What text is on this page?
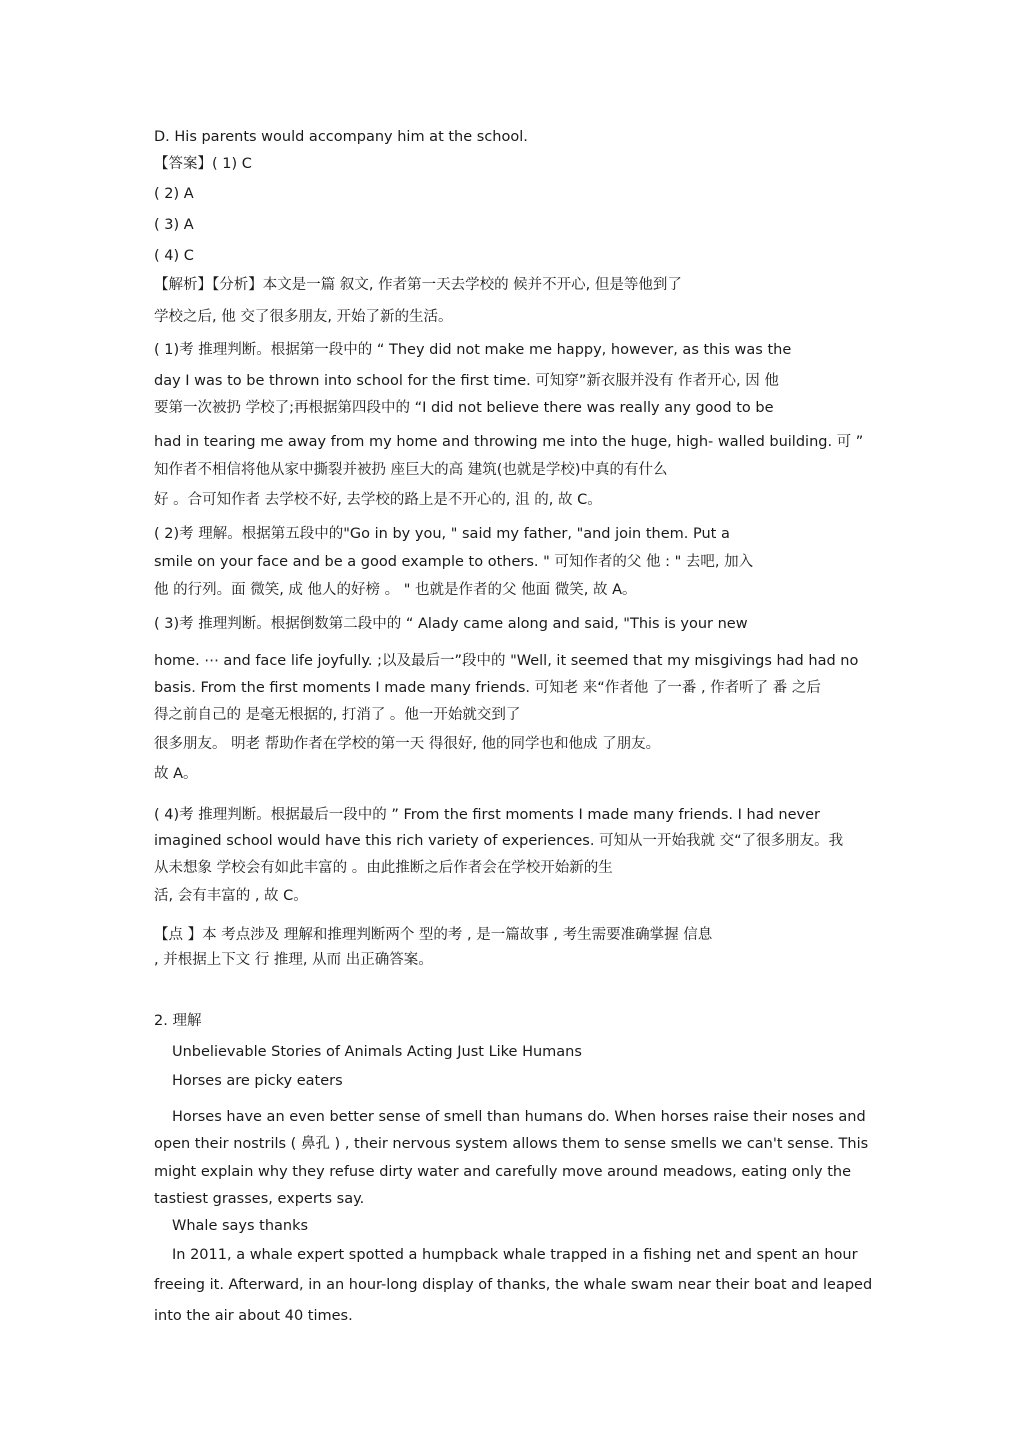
D. His parents would accompany him at the school.
【答案】( 1) C
( 2) A
( 3) A
( 4) C
【解析】【分析】本文是一篇 叙文, 作者第一天去学校的 候并不开心, 但是等他到了
学校之后, 他 交了很多朋友, 开始了新的生活。
( 1)考 推理判断。根据第一段中的 “ They did not make me happy, however, as this was the
day I was to be thrown into school for the first time. 可知穿”新衣服并没有 作者开心, 因 他
要第一次被扔 学校了;再根据第四段中的 “I did not believe there was really any good to be
had in tearing me away from my home and throwing me into the huge, high- walled building. 可 ”
知作者不相信将他从家中撕裂并被扔 座巨大的高 建筑(也就是学校)中真的有什么
好 。合可知作者 去学校不好, 去学校的路上是不开心的, 沮 的, 故 C。
( 2)考 理解。根据第五段中的"Go in by you, " said my father, "and join them. Put a
smile on your face and be a good example to others. " 可知作者的父 他 : " 去吧, 加入
他 的行列。面 微笑, 成 他人的好榜 。 " 也就是作者的父 他面 微笑, 故 A。
( 3)考 推理判断。根据倒数第二段中的 “ Alady came along and said, "This is your new
home. ⋯ and face life joyfully. ;以及最后一”段中的 "Well, it seemed that my misgivings had had no
basis. From the first moments I made many friends. 可知老 来“作者他 了一番 , 作者听了 番 之后
得之前自己的 是毫无根据的, 打消了 。他一开始就交到了
很多朋友。 明老 帮助作者在学校的第一天 得很好, 他的同学也和他成 了朋友。
故 A。
( 4)考 推理判断。根据最后一段中的 ” From the first moments I made many friends. I had never
imagined school would have this rich variety of experiences. 可知从一开始我就 交“了很多朋友。我
从未想象 学校会有如此丰富的 。由此推断之后作者会在学校开始新的生
活, 会有丰富的 , 故 C。
【点 】本 考点涉及 理解和推理判断两个 型的考 , 是一篇故事 , 考生需要准确掌握 信息
, 并根据上下文 行 推理, 从而 出正确答案。
2. 理解
Unbelievable Stories of Animals Acting Just Like Humans
Horses are picky eaters
Horses have an even better sense of smell than humans do. When horses raise their noses and
open their nostrils ( 鼻孔 ) , their nervous system allows them to sense smells we can't sense. This
might explain why they refuse dirty water and carefully move around meadows, eating only the
tastiest grasses, experts say.
Whale says thanks
In 2011, a whale expert spotted a humpback whale trapped in a fishing net and spent an hour
freeing it. Afterward, in an hour-long display of thanks, the whale swam near their boat and leaped
into the air about 40 times.
